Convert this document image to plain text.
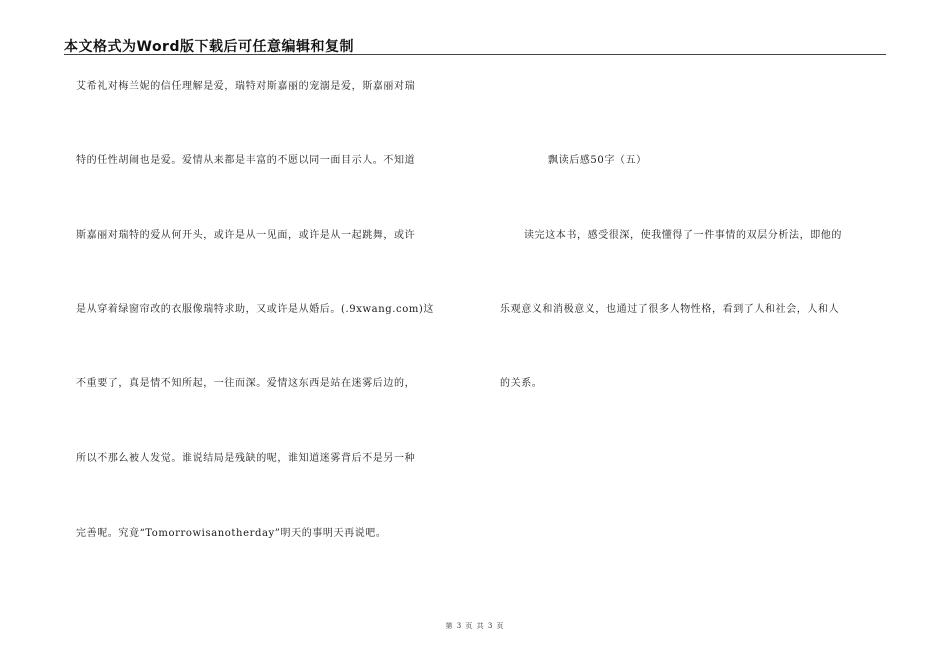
本文格式为Word版下载后可任意编辑和复制
艾希礼对梅兰妮的信任理解是爱，瑞特对斯嘉丽的宠溺是爱，斯嘉丽对瑞
特的任性胡闹也是爱。爱情从来都是丰富的不愿以同一面目示人。不知道
斯嘉丽对瑞特的爱从何开头，或许是从一见面，或许是从一起跳舞，或许
是从穿着绿窗帘改的衣服像瑞特求助，又或许是从婚后。(.9xwang.com)这
不重要了，真是情不知所起，一往而深。爱情这东西是站在迷雾后边的，
所以不那么被人发觉。谁说结局是残缺的呢，谁知道迷雾背后不是另一种
完善呢。究竟“Tomorrowisanotherday”明天的事明天再说吧。
飘读后感50字（五）
读完这本书，感受很深，使我懂得了一件事情的双层分析法，即他的
乐观意义和消极意义，也通过了很多人物性格，看到了人和社会，人和人
的关系。
第 3 页 共 3 页
